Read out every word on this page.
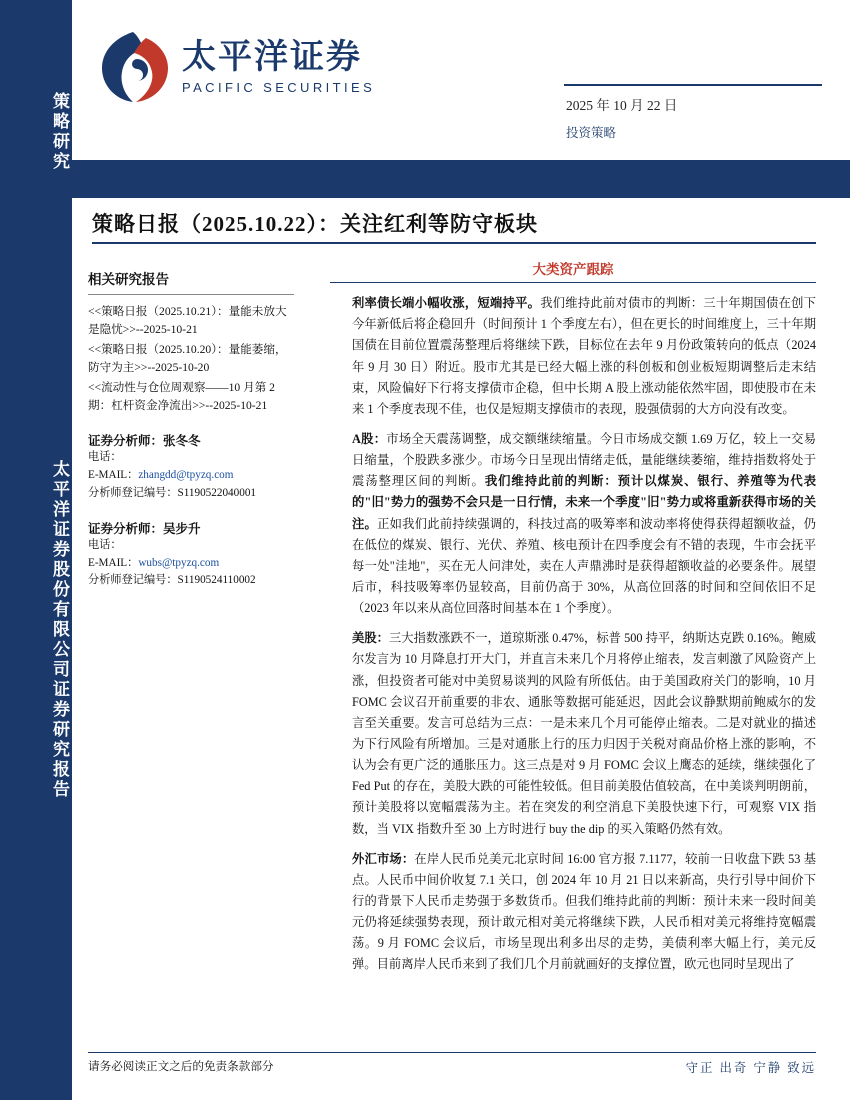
策略研究
太平洋证券股份有限公司证券研究报告
太平洋证券
PACIFIC SECURITIES
2025 年 10 月 22 日
投资策略
策略日报（2025.10.22）：关注红利等防守板块
相关研究报告
<<策略日报（2025.10.21）：量能未放大是隐忧>>--2025-10-21
<<策略日报（2025.10.20）：量能萎缩，防守为主>>--2025-10-20
<<流动性与仓位周观察——10 月第 2 期：杠杆资金净流出>>--2025-10-21
证券分析师：张冬冬
电话：
E-MAIL：zhangdd@tpyzq.com
分析师登记编号：S1190522040001
证券分析师：吴步升
电话：
E-MAIL：wubs@tpyzq.com
分析师登记编号：S1190524110002
大类资产跟踪

利率债长端小幅收涨，短端持平。我们维持此前对债市的判断：三十年期国债在创下今年新低后将企稳回升（时间预计 1 个季度左右），但在更长的时间维度上，三十年期国债在目前位置震荡整理后将继续下跌，目标位在去年 9 月份政策转向的低点（2024 年 9 月 30 日）附近。股市尤其是已经大幅上涨的科创板和创业板短期调整后走末结束，风险偏好下行将支撑债市企稳，但中长期 A 股上涨动能依然牢固，即使股市在未来 1 个季度表现不佳，也仅是短期支撑债市的表现，股强债弱的大方向没有改变。

A股：市场全天震荡调整，成交额继续缩量。今日市场成交额 1.69 万亿，较上一交易日缩量，个股跌多涨少。市场今日呈现出情绪走低，量能继续萎缩，维持指数将处于震荡整理区间的判断。我们维持此前的判断：预计以煤炭、银行、养殖等为代表的"旧"势力的强势不会只是一日行情，未来一个季度"旧"势力或将重新获得市场的关注。正如我们此前持续强调的，科技过高的吸筹率和波动率将使得获得超额收益，仍在低位的煤炭、银行、光伏、养殖、核电预计在四季度会有不错的表现，牛市会抚平每一处"洼地"，买在无人问津处，卖在人声鼎沸时是获得超额收益的必要条件。展望后市，科技吸筹率仍显较高，目前仍高于 30%，从高位回落的时间和空间依旧不足（2023 年以来从高位回落时间基本在 1 个季度）。

美股：三大指数涨跌不一，道琼斯涨 0.47%，标普 500 持平，纳斯达克跌 0.16%。鲍威尔发言为 10 月降息打开大门，并直言未来几个月将停止缩表，发言刺激了风险资产上涨，但投资者可能对中美贸易谈判的风险有所低估。由于美国政府关门的影响，10 月 FOMC 会议召开前重要的非农、通胀等数据可能延迟，因此会议静默期前鲍威尔的发言至关重要。发言可总结为三点：一是未来几个月可能停止缩表。二是对就业的描述为下行风险有所增加。三是对通胀上行的压力归因于关税对商品价格上涨的影响，不认为会有更广泛的通胀压力。这三点是对 9 月 FOMC 会议上鹰态的延续，继续强化了 Fed Put 的存在，美股大跌的可能性较低。但目前美股估值较高，在中美谈判明朗前，预计美股将以宽幅震荡为主。若在突发的利空消息下美股快速下行，可观察 VIX 指数，当 VIX 指数升至 30 上方时进行 buy the dip 的买入策略仍然有效。

外汇市场：在岸人民币兑美元北京时间 16:00 官方报 7.1177，较前一日收盘下跌 53 基点。人民币中间价收复 7.1 关口，创 2024 年 10 月 21 日以来新高，央行引导中间价下行的背景下人民币走势强于多数货币。但我们维持此前的判断：预计未来一段时间美元仍将延续强势表现，预计敢元相对美元将继续下跌，人民币相对美元将维持宽幅震荡。9 月 FOMC 会议后，市场呈现出利多出尽的走势，美债利率大幅上行，美元反弹。目前离岸人民币来到了我们几个月前就画好的支撑位置，欧元也同时呈现出了

请务必阅读正文之后的免责条款部分	守正 出奇 宁静 致远
